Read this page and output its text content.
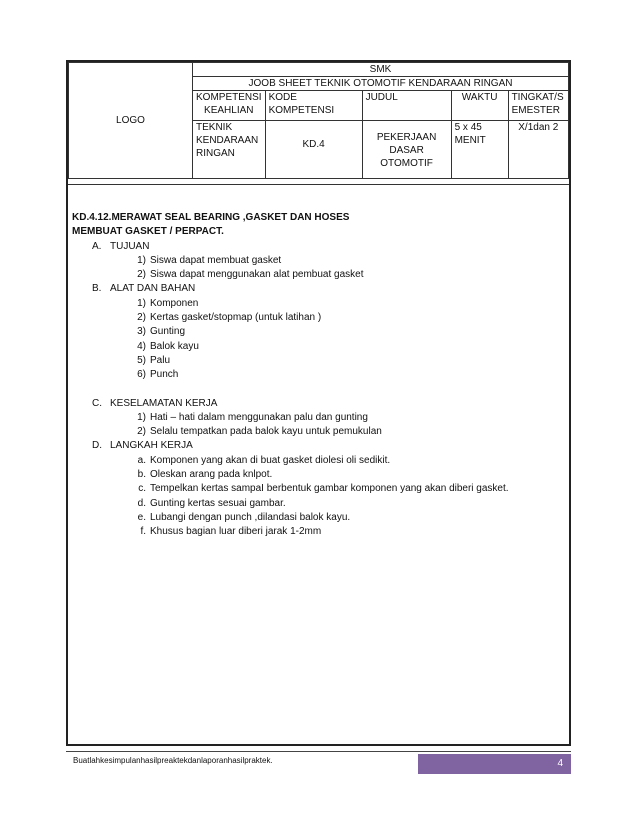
LOGO	SMK				
	JOOB SHEET TEKNIK OTOMOTIF KENDARAAN RINGAN				
	KOMPETENSI KEAHLIAN	KODE KOMPETENSI	JUDUL	WAKTU	TINGKAT/S EMESTER
	TEKNIK KENDARAAN RINGAN	KD.4	PEKERJAAN DASAR OTOMOTIF	5 x 45 MENIT	X/1dan 2
KD.4.12.MERAWAT SEAL BEARING ,GASKET DAN HOSES
MEMBUAT GASKET / PERPACT.
A. TUJUAN
1) Siswa dapat membuat gasket
2) Siswa dapat menggunakan alat pembuat gasket
B. ALAT DAN BAHAN
1) Komponen
2) Kertas gasket/stopmap (untuk latihan )
3) Gunting
4) Balok kayu
5) Palu
6) Punch
C. KESELAMATAN KERJA
1) Hati – hati dalam menggunakan palu dan gunting
2) Selalu tempatkan pada balok kayu untuk pemukulan
D. LANGKAH KERJA
a. Komponen yang akan di buat gasket diolesi oli sedikit.
b. Oleskan arang pada knlpot.
c. Tempelkan kertas sampaI berbentuk gambar komponen yang akan diberi gasket.
d. Gunting kertas sesuai gambar.
e. Lubangi dengan punch ,dilandasi balok kayu.
f. Khusus bagian luar diberi jarak 1-2mm
Buatlahkesimpulanhasilpreaktekdanlaporanhasilpraktek.	4
